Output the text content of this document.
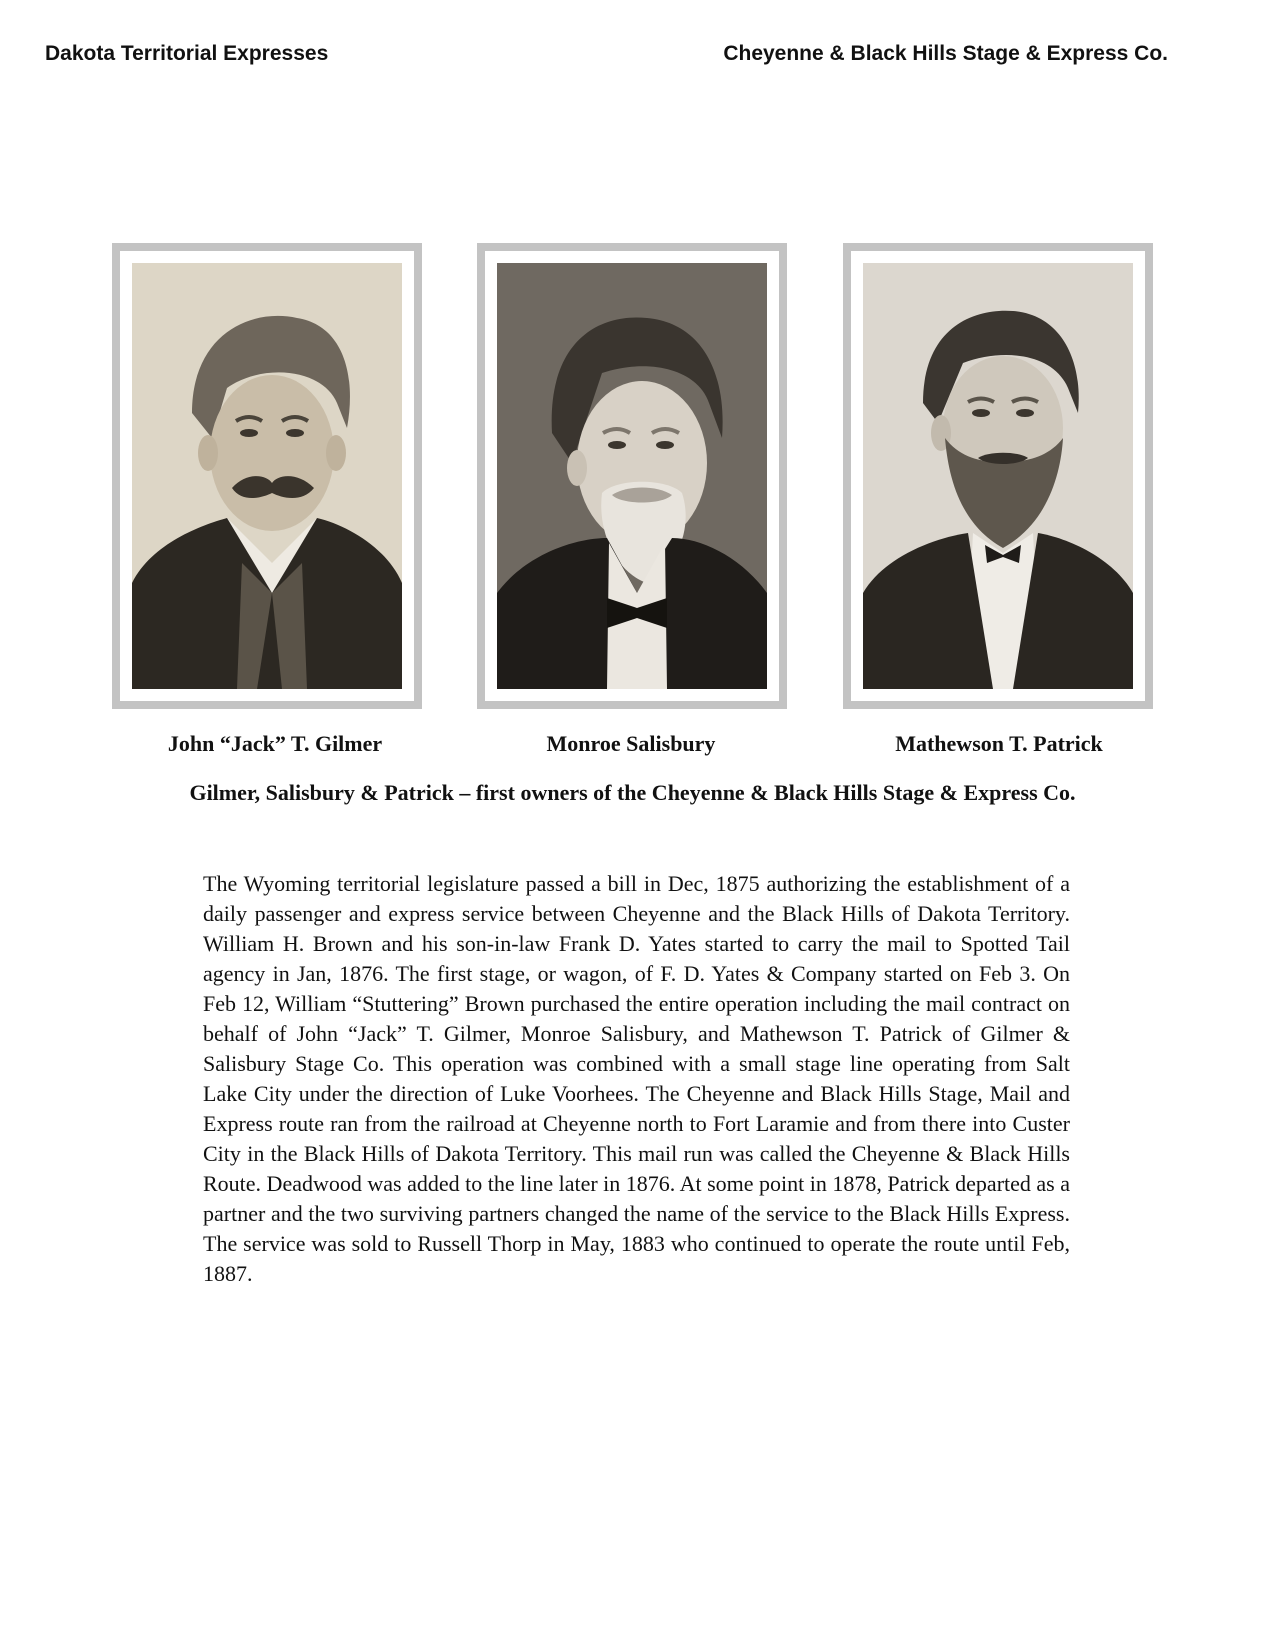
Dakota Territorial Expresses	Cheyenne & Black Hills Stage & Express Co.
John “Jack” T. Gilmer	Monroe Salisbury	Mathewson T. Patrick
Gilmer, Salisbury & Patrick – first owners of the Cheyenne & Black Hills Stage & Express Co.
The Wyoming territorial legislature passed a bill in Dec, 1875 authorizing the establishment of a daily passenger and express service between Cheyenne and the Black Hills of Dakota Territory. William H. Brown and his son-in-law Frank D. Yates started to carry the mail to Spotted Tail agency in Jan, 1876. The first stage, or wagon, of F. D. Yates & Company started on Feb 3. On Feb 12, William “Stuttering” Brown purchased the entire operation including the mail contract on behalf of John “Jack” T. Gilmer, Monroe Salisbury, and Mathewson T. Patrick of Gilmer & Salisbury Stage Co. This operation was combined with a small stage line operating from Salt Lake City under the direction of Luke Voorhees. The Cheyenne and Black Hills Stage, Mail and Express route ran from the railroad at Cheyenne north to Fort Laramie and from there into Custer City in the Black Hills of Dakota Territory. This mail run was called the Cheyenne & Black Hills Route. Deadwood was added to the line later in 1876. At some point in 1878, Patrick departed as a partner and the two surviving partners changed the name of the service to the Black Hills Express. The service was sold to Russell Thorp in May, 1883 who continued to operate the route until Feb, 1887.
